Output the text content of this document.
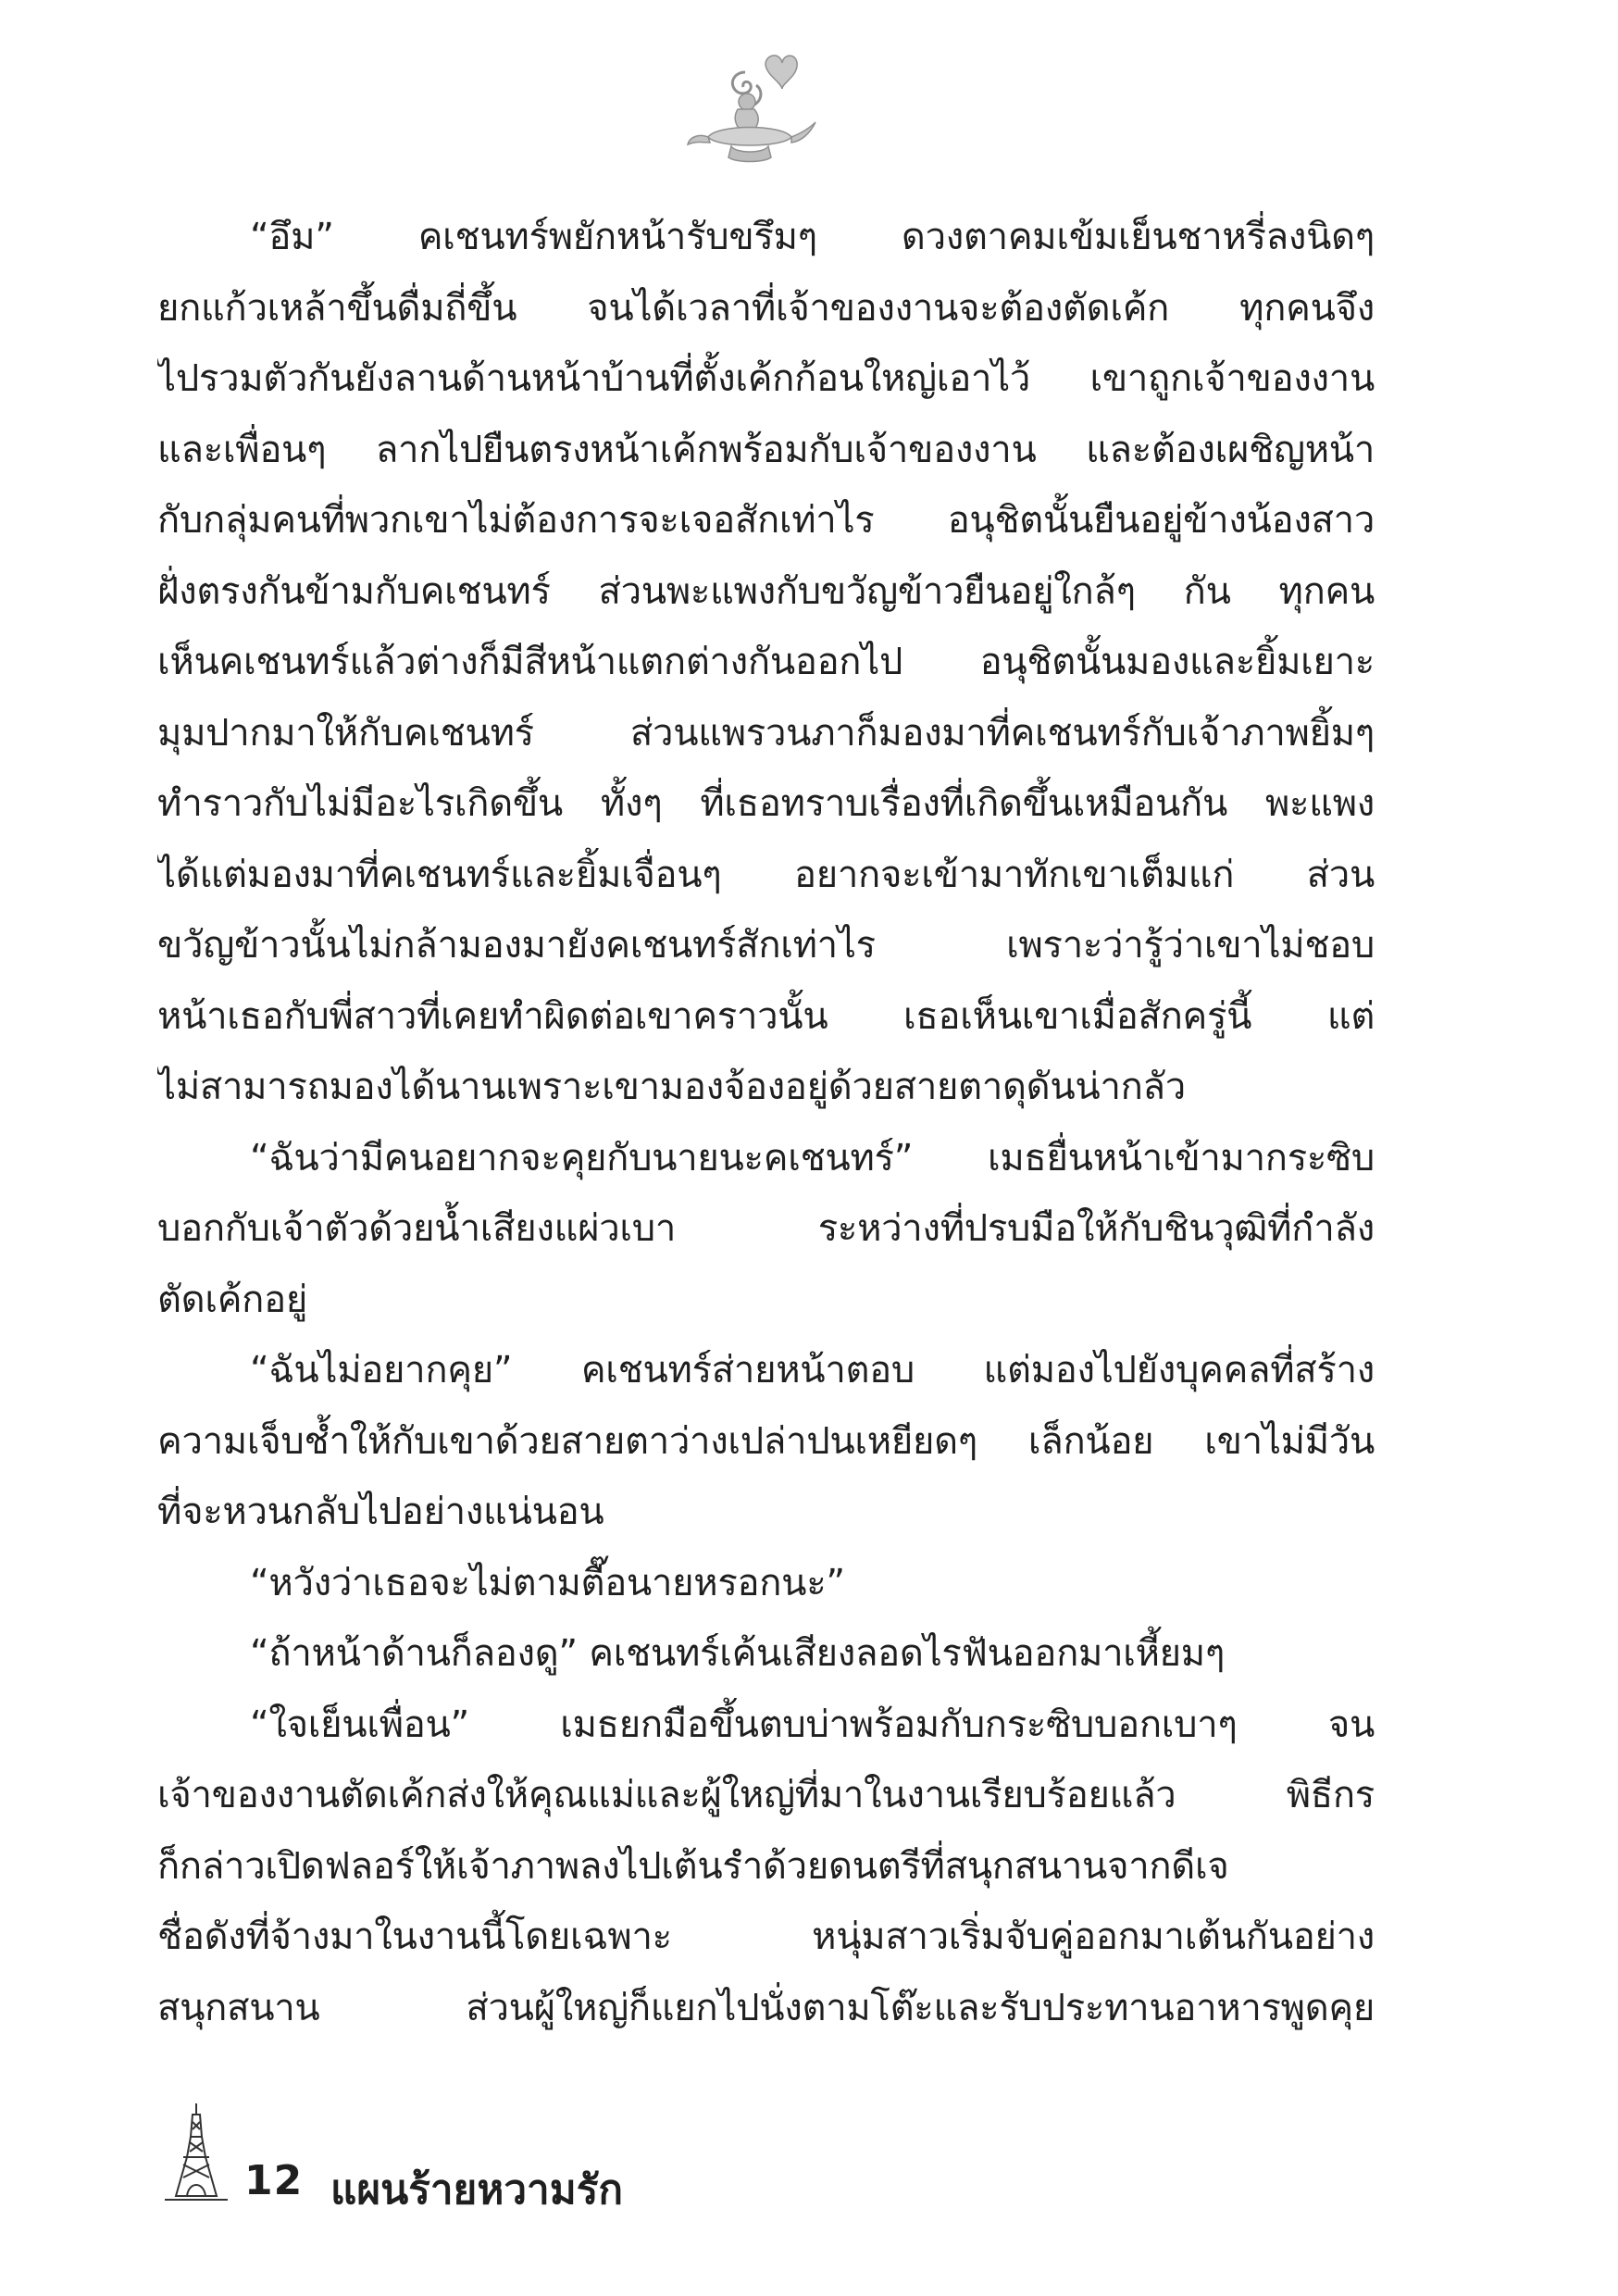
“อึม” คเชนทร์พยักหน้ารับขรึมๆ ดวงตาคมเข้มเย็นชาหรี่ลงนิดๆ
ยกแก้วเหล้าขึ้นดื่มถี่ขึ้น จนได้เวลาที่เจ้าของงานจะต้องตัดเค้ก ทุกคนจึง
ไปรวมตัวกันยังลานด้านหน้าบ้านที่ตั้งเค้กก้อนใหญ่เอาไว้ เขาถูกเจ้าของงาน
และเพื่อนๆ ลากไปยืนตรงหน้าเค้กพร้อมกับเจ้าของงาน และต้องเผชิญหน้า
กับกลุ่มคนที่พวกเขาไม่ต้องการจะเจอสักเท่าไร อนุชิตนั้นยืนอยู่ข้างน้องสาว
ฝั่งตรงกันข้ามกับคเชนทร์ ส่วนพะแพงกับขวัญข้าวยืนอยู่ใกล้ๆ กัน ทุกคน
เห็นคเชนทร์แล้วต่างก็มีสีหน้าแตกต่างกันออกไป อนุชิตนั้นมองและยิ้มเยาะ
มุมปากมาให้กับคเชนทร์ ส่วนแพรวนภาก็มองมาที่คเชนทร์กับเจ้าภาพยิ้มๆ
ทำราวกับไม่มีอะไรเกิดขึ้น ทั้งๆ ที่เธอทราบเรื่องที่เกิดขึ้นเหมือนกัน พะแพง
ได้แต่มองมาที่คเชนทร์และยิ้มเจื่อนๆ อยากจะเข้ามาทักเขาเต็มแก่ ส่วน
ขวัญข้าวนั้นไม่กล้ามองมายังคเชนทร์สักเท่าไร เพราะว่ารู้ว่าเขาไม่ชอบ
หน้าเธอกับพี่สาวที่เคยทำผิดต่อเขาคราวนั้น เธอเห็นเขาเมื่อสักครู่นี้ แต่
ไม่สามารถมองได้นานเพราะเขามองจ้องอยู่ด้วยสายตาดุดันน่ากลัว
“ฉันว่ามีคนอยากจะคุยกับนายนะคเชนทร์” เมธยื่นหน้าเข้ามากระซิบ
บอกกับเจ้าตัวด้วยน้ำเสียงแผ่วเบา ระหว่างที่ปรบมือให้กับชินวุฒิที่กำลัง
ตัดเค้กอยู่
“ฉันไม่อยากคุย” คเชนทร์ส่ายหน้าตอบ แต่มองไปยังบุคคลที่สร้าง
ความเจ็บช้ำให้กับเขาด้วยสายตาว่างเปล่าปนเหยียดๆ เล็กน้อย เขาไม่มีวัน
ที่จะหวนกลับไปอย่างแน่นอน
“หวังว่าเธอจะไม่ตามตื๊อนายหรอกนะ”
“ถ้าหน้าด้านก็ลองดู” คเชนทร์เค้นเสียงลอดไรฟันออกมาเหี้ยมๆ
“ใจเย็นเพื่อน” เมธยกมือขึ้นตบบ่าพร้อมกับกระซิบบอกเบาๆ จน
เจ้าของงานตัดเค้กส่งให้คุณแม่และผู้ใหญ่ที่มาในงานเรียบร้อยแล้ว พิธีกร
ก็กล่าวเปิดฟลอร์ให้เจ้าภาพลงไปเต้นรำด้วยดนตรีที่สนุกสนานจากดีเจ
ชื่อดังที่จ้างมาในงานนี้โดยเฉพาะ หนุ่มสาวเริ่มจับคู่ออกมาเต้นกันอย่าง
สนุกสนาน ส่วนผู้ใหญ่ก็แยกไปนั่งตามโต๊ะและรับประทานอาหารพูดคุย
12 แผนร้ายหวามรัก
